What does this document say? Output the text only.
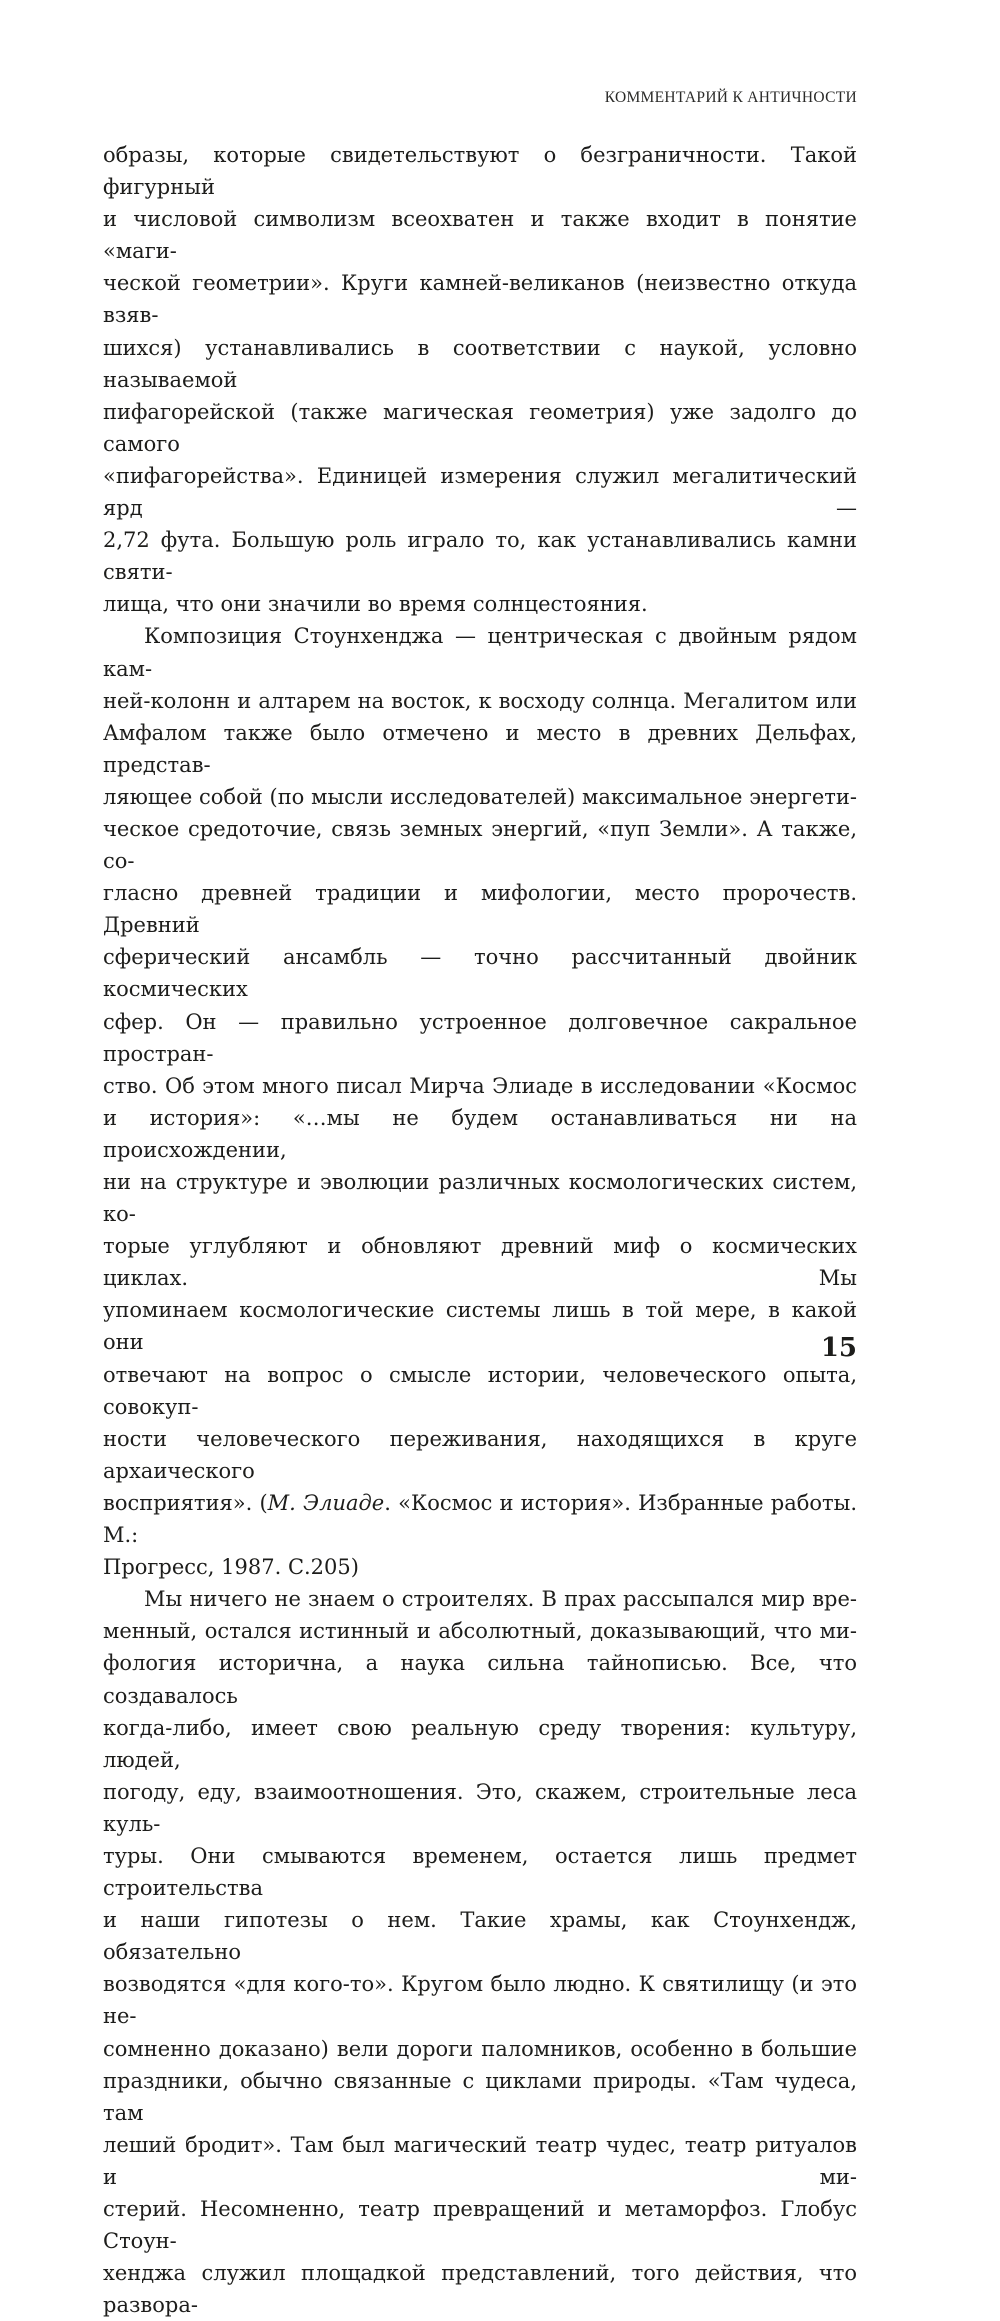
КОММЕНТАРИЙ К АНТИЧНОСТИ

образы, которые свидетельствуют о безграничности. Такой фигурный

и числовой символизм всеохватен и также входит в понятие «маги-

ческой геометрии». Круги камней-великанов (неизвестно откуда взяв-

шихся) устанавливались в соответствии с наукой, условно называемой

пифагорейской (также магическая геометрия) уже задолго до самого

«пифагорейства». Единицей измерения служил мегалитический ярд —

2,72 фута. Большую роль играло то, как устанавливались камни святи-

лища, что они значили во время солнцестояния.

Композиция Стоунхенджа — центрическая с двойным рядом кам-

ней-колонн и алтарем на восток, к восходу солнца. Мегалитом или

Амфалом также было отмечено и место в древних Дельфах, представ-

ляющее собой (по мысли исследователей) максимальное энергети-

ческое средоточие, связь земных энергий, «пуп Земли». А также, со-

гласно древней традиции и мифологии, место пророчеств. Древний

сферический ансамбль — точно рассчитанный двойник космических

сфер. Он — правильно устроенное долговечное сакральное простран-

ство. Об этом много писал Мирча Элиаде в исследовании «Космос

и история»: «…мы не будем останавливаться ни на происхождении,

ни на структуре и эволюции различных космологических систем, ко-

торые углубляют и обновляют древний миф о космических циклах. Мы

упоминаем космологические системы лишь в той мере, в какой они

отвечают на вопрос о смысле истории, человеческого опыта, совокуп-

ности человеческого переживания, находящихся в круге архаического

восприятия». (М. Элиаде. «Космос и история». Избранные работы. М.:

Прогресс, 1987. С.205)

Мы ничего не знаем о строителях. В прах рассыпался мир вре-

менный, остался истинный и абсолютный, доказывающий, что ми-

фология исторична, а наука сильна тайнописью. Все, что создавалось

когда-либо, имеет свою реальную среду творения: культуру, людей,

погоду, еду, взаимоотношения. Это, скажем, строительные леса куль-

туры. Они смываются временем, остается лишь предмет строительства

и наши гипотезы о нем. Такие храмы, как Стоунхендж, обязательно

возводятся «для кого-то». Кругом было людно. К святилищу (и это не-

сомненно доказано) вели дороги паломников, особенно в большие

праздники, обычно связанные с циклами природы. «Там чудеса, там

леший бродит». Там был магический театр чудес, театр ритуалов и ми-

стерий. Несомненно, театр превращений и метаморфоз. Глобус Стоун-

хенджа служил площадкой представлений, того действия, что развора-

15
